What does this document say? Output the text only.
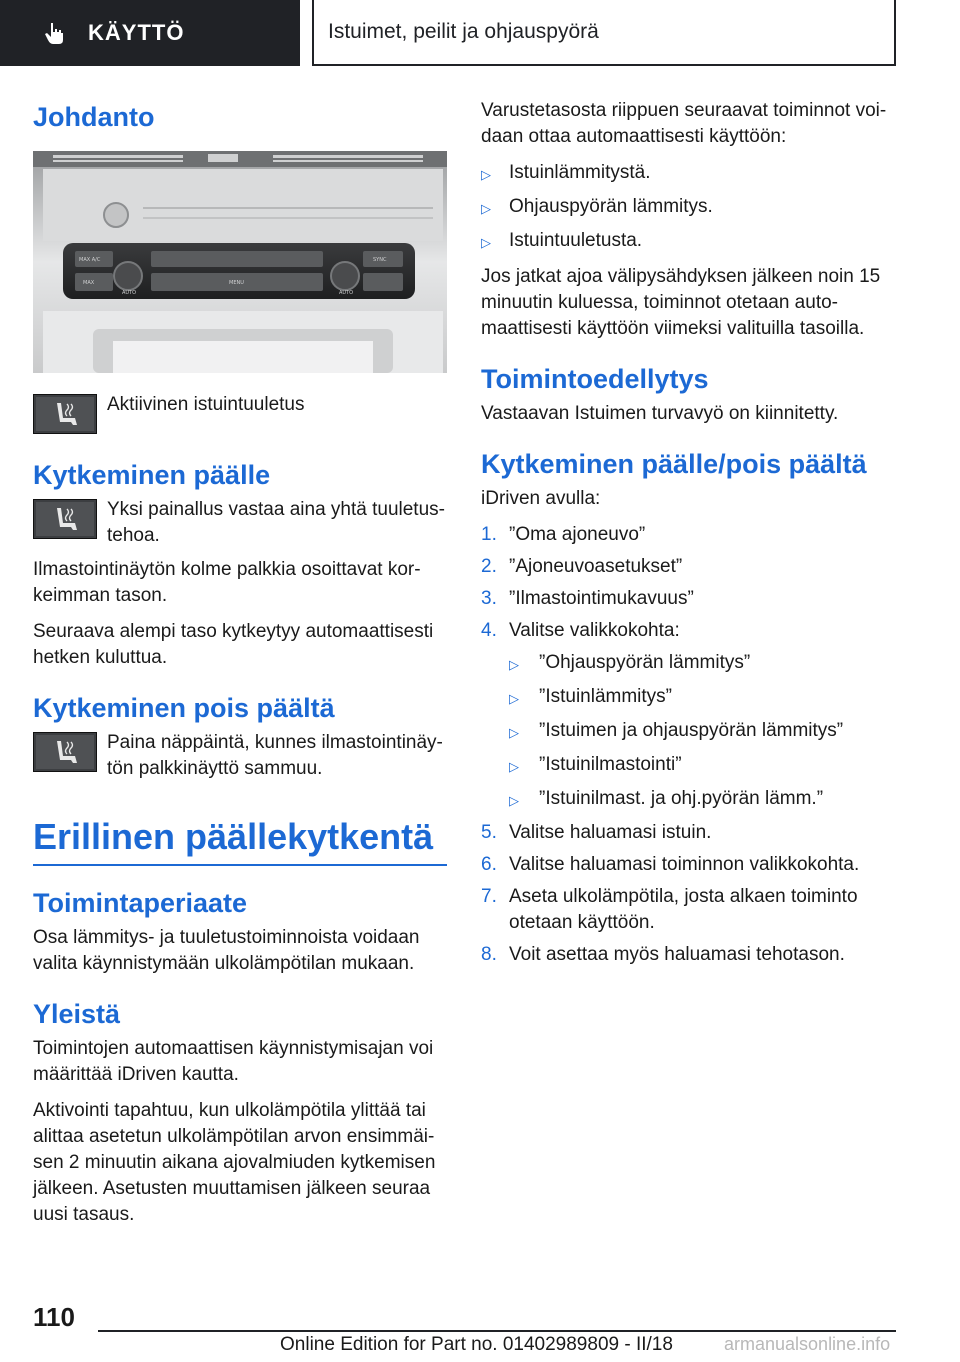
KÄYTTÖ	Istuimet, peilit ja ohjauspyörä
Johdanto
MAX A/C
MAX
AUTO
MENU
AUTO
SYNC

Aktiivinen istuintuuletus

Kytkeminen päälle

Yksi painallus vastaa aina yhtä tuuletus-tehoa.

Ilmastointinäytön kolme palkkia osoittavat kor-keimman tason.

Seuraava alempi taso kytkeytyy automaattisesti hetken kuluttua.

Kytkeminen pois päältä

Paina näppäintä, kunnes ilmastointinäy-tön palkkinäyttö sammuu.

Erillinen päällekytkentä
Toimintaperiaate

Osa lämmitys- ja tuuletustoiminnoista voidaan valita käynnistymään ulkolämpötilan mukaan.

Yleistä

Toimintojen automaattisen käynnistymisajan voi määrittää iDriven kautta.

Aktivointi tapahtuu, kun ulkolämpötila ylittää tai alittaa asetetun ulkolämpötilan arvon ensimmäi-sen 2 minuutin aikana ajovalmiuden kytkemisen jälkeen. Asetusten muuttamisen jälkeen seuraa uusi tasaus.

Varustetasosta riippuen seuraavat toiminnot voi-daan ottaa automaattisesti käyttöön:

▷ Istuinlämmitystä.
▷ Ohjauspyörän lämmitys.
▷ Istuintuuletusta.

Jos jatkat ajoa välipysähdyksen jälkeen noin 15 minuutin kuluessa, toiminnot otetaan auto-maattisesti käyttöön viimeksi valituilla tasoilla.

Toimintoedellytys

Vastaavan Istuimen turvavyö on kiinnitetty.

Kytkeminen päälle/pois päältä

iDriven avulla:

1. ”Oma ajoneuvo”
2. ”Ajoneuvoasetukset”
3. ”Ilmastointimukavuus”
4. Valitse valikkokohta:
▷	”Ohjauspyörän lämmitys”
▷	”Istuinlämmitys”
▷	”Istuimen ja ohjauspyörän lämmitys”
▷	”Istuinilmastointi”
▷	”Istuinilmast. ja ohj.pyörän lämm.”
5. Valitse haluamasi istuin.
6. Valitse haluamasi toiminnon valikkokohta.
7. Aseta ulkolämpötila, josta alkaen toiminto otetaan käyttöön.
8. Voit asettaa myös haluamasi tehotason.
110
Online Edition for Part no. 01402989809 - II/18	armanualsonline.info
